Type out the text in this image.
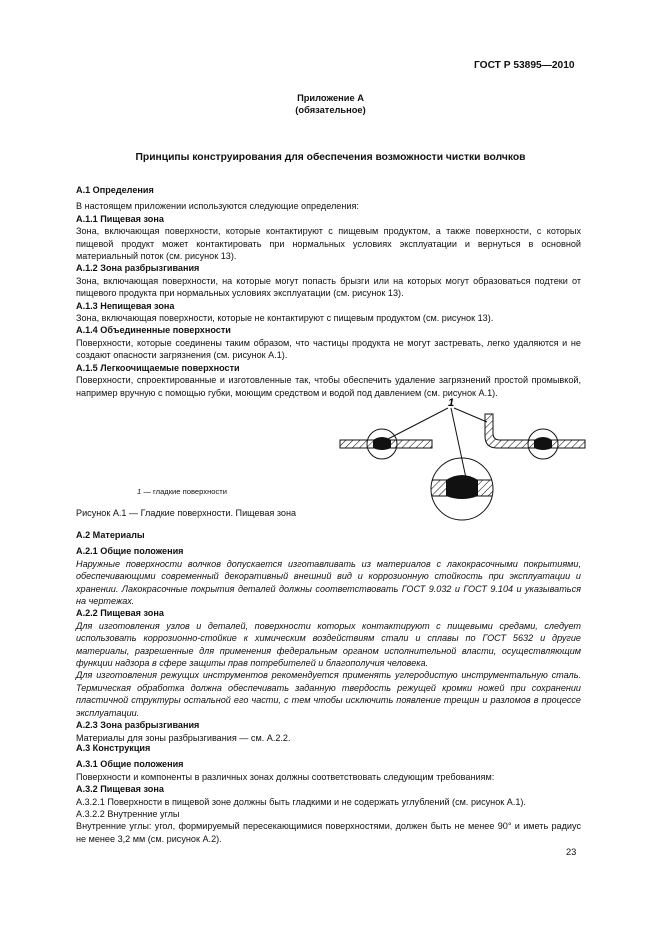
ГОСТ Р 53895—2010
Приложение А
(обязательное)
Принципы конструирования для обеспечения возможности чистки волчков

А.1 Определения

В настоящем приложении используются следующие определения:

А.1.1 Пищевая зона

Зона, включающая поверхности, которые контактируют с пищевым продуктом, а также поверхности, с которых пищевой продукт может контактировать при нормальных условиях эксплуатации и вернуться в основной материальный поток (см. рисунок 13).

А.1.2 Зона разбрызгивания

Зона, включающая поверхности, на которые могут попасть брызги или на которых могут образоваться подтеки от пищевого продукта при нормальных условиях эксплуатации (см. рисунок 13).

А.1.3 Непищевая зона

Зона, включающая поверхности, которые не контактируют с пищевым продуктом (см. рисунок 13).

А.1.4 Объединенные поверхности

Поверхности, которые соединены таким образом, что частицы продукта не могут застревать, легко удаляются и не создают опасности загрязнения (см. рисунок А.1).

А.1.5 Легкоочищаемые поверхности

Поверхности, спроектированные и изготовленные так, чтобы обеспечить удаление загрязнений простой промывкой, например вручную с помощью губки, моющим средством и водой под давлением (см. рисунок А.1).

1
1 — гладкие поверхности
Рисунок А.1 — Гладкие поверхности. Пищевая зона

А.2 Материалы

А.2.1 Общие положения

Наружные поверхности волчков допускается изготавливать из материалов с лакокрасочными покрытиями, обеспечивающими современный декоративный внешний вид и коррозионную стойкость при эксплуатации и хранении. Лакокрасочные покрытия деталей должны соответствовать ГОСТ 9.032 и ГОСТ 9.104 и указываться на чертежах.

А.2.2 Пищевая зона

Для изготовления узлов и деталей, поверхности которых контактируют с пищевыми средами, следует использовать коррозионно-стойкие к химическим воздействиям стали и сплавы по ГОСТ 5632 и другие материалы, разрешенные для применения федеральным органом исполнительной власти, осуществляющим функции надзора в сфере защиты прав потребителей и благополучия человека.

Для изготовления режущих инструментов рекомендуется применять углеродистую инструментальную сталь. Термическая обработка должна обеспечивать заданную твердость режущей кромки ножей при сохранении пластичной структуры остальной его части, с тем чтобы исключить появление трещин и разломов в процессе эксплуатации.

А.2.3 Зона разбрызгивания

Материалы для зоны разбрызгивания — см. А.2.2.

А.3 Конструкция

А.3.1 Общие положения

Поверхности и компоненты в различных зонах должны соответствовать следующим требованиям:

А.3.2 Пищевая зона

А.3.2.1 Поверхности в пищевой зоне должны быть гладкими и не содержать углублений (см. рисунок А.1).

А.3.2.2 Внутренние углы

Внутренние углы: угол, формируемый пересекающимися поверхностями, должен быть не менее 90° и иметь радиус не менее 3,2 мм (см. рисунок А.2).

23
